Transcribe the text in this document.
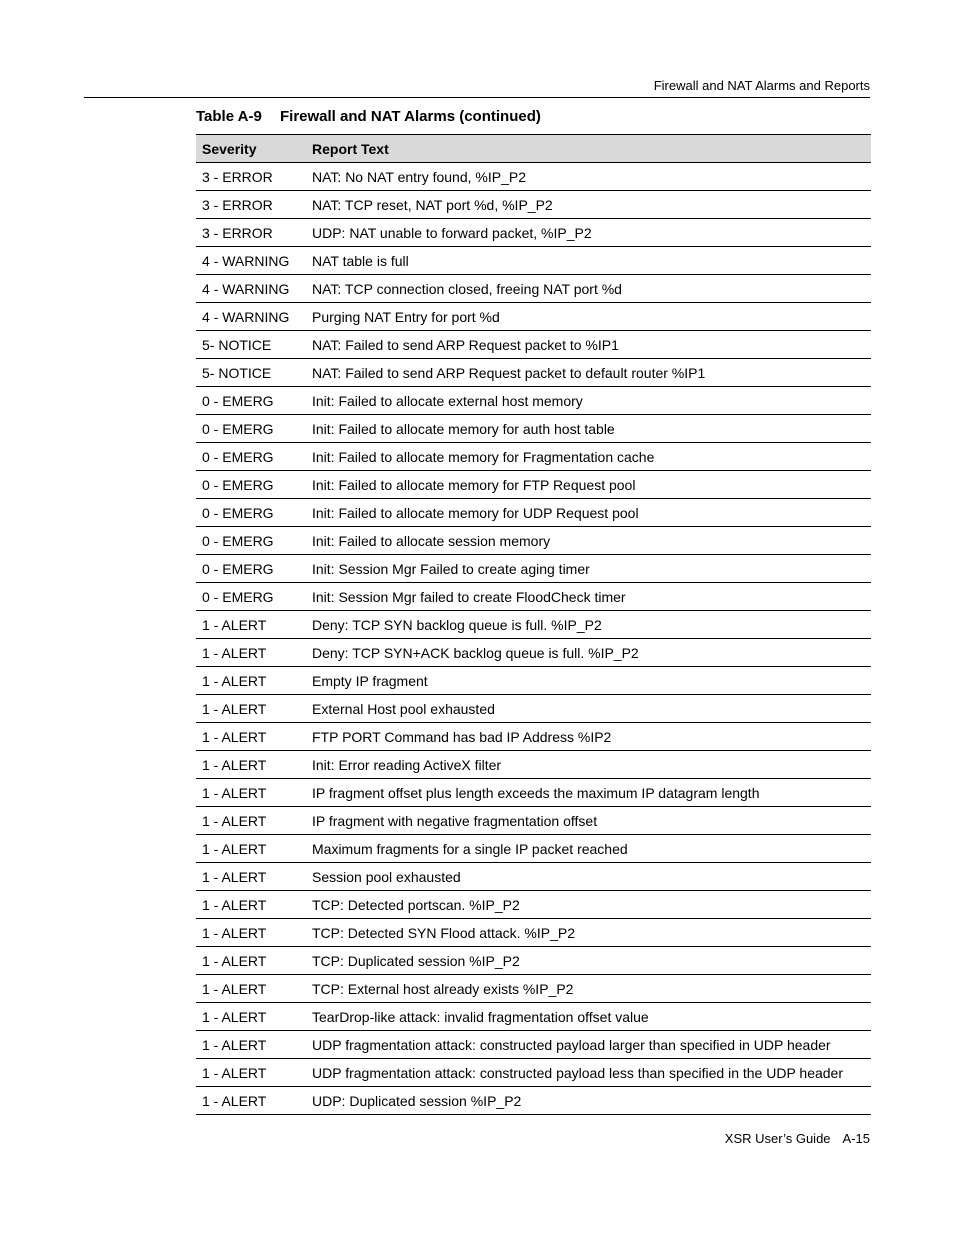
Firewall and NAT Alarms and Reports
Table A-9 Firewall and NAT Alarms (continued)
Severity	Report Text
3 - ERROR	NAT: No NAT entry found, %IP_P2
3 - ERROR	NAT: TCP reset, NAT port %d, %IP_P2
3 - ERROR	UDP: NAT unable to forward packet, %IP_P2
4 - WARNING	NAT table is full
4 - WARNING	NAT: TCP connection closed, freeing NAT port %d
4 - WARNING	Purging NAT Entry for port %d
5- NOTICE	NAT: Failed to send ARP Request packet to %IP1
5- NOTICE	NAT: Failed to send ARP Request packet to default router %IP1
0 - EMERG	Init: Failed to allocate external host memory
0 - EMERG	Init: Failed to allocate memory for auth host table
0 - EMERG	Init: Failed to allocate memory for Fragmentation cache
0 - EMERG	Init: Failed to allocate memory for FTP Request pool
0 - EMERG	Init: Failed to allocate memory for UDP Request pool
0 - EMERG	Init: Failed to allocate session memory
0 - EMERG	Init: Session Mgr Failed to create aging timer
0 - EMERG	Init: Session Mgr failed to create FloodCheck timer
1 - ALERT	Deny: TCP SYN backlog queue is full. %IP_P2
1 - ALERT	Deny: TCP SYN+ACK backlog queue is full. %IP_P2
1 - ALERT	Empty IP fragment
1 - ALERT	External Host pool exhausted
1 - ALERT	FTP PORT Command has bad IP Address %IP2
1 - ALERT	Init: Error reading ActiveX filter
1 - ALERT	IP fragment offset plus length exceeds the maximum IP datagram length
1 - ALERT	IP fragment with negative fragmentation offset
1 - ALERT	Maximum fragments for a single IP packet reached
1 - ALERT	Session pool exhausted
1 - ALERT	TCP: Detected portscan. %IP_P2
1 - ALERT	TCP: Detected SYN Flood attack. %IP_P2
1 - ALERT	TCP: Duplicated session %IP_P2
1 - ALERT	TCP: External host already exists %IP_P2
1 - ALERT	TearDrop-like attack: invalid fragmentation offset value
1 - ALERT	UDP fragmentation attack: constructed payload larger than specified in UDP header
1 - ALERT	UDP fragmentation attack: constructed payload less than specified in the UDP header
1 - ALERT	UDP: Duplicated session %IP_P2
XSR User’s Guide A-15
